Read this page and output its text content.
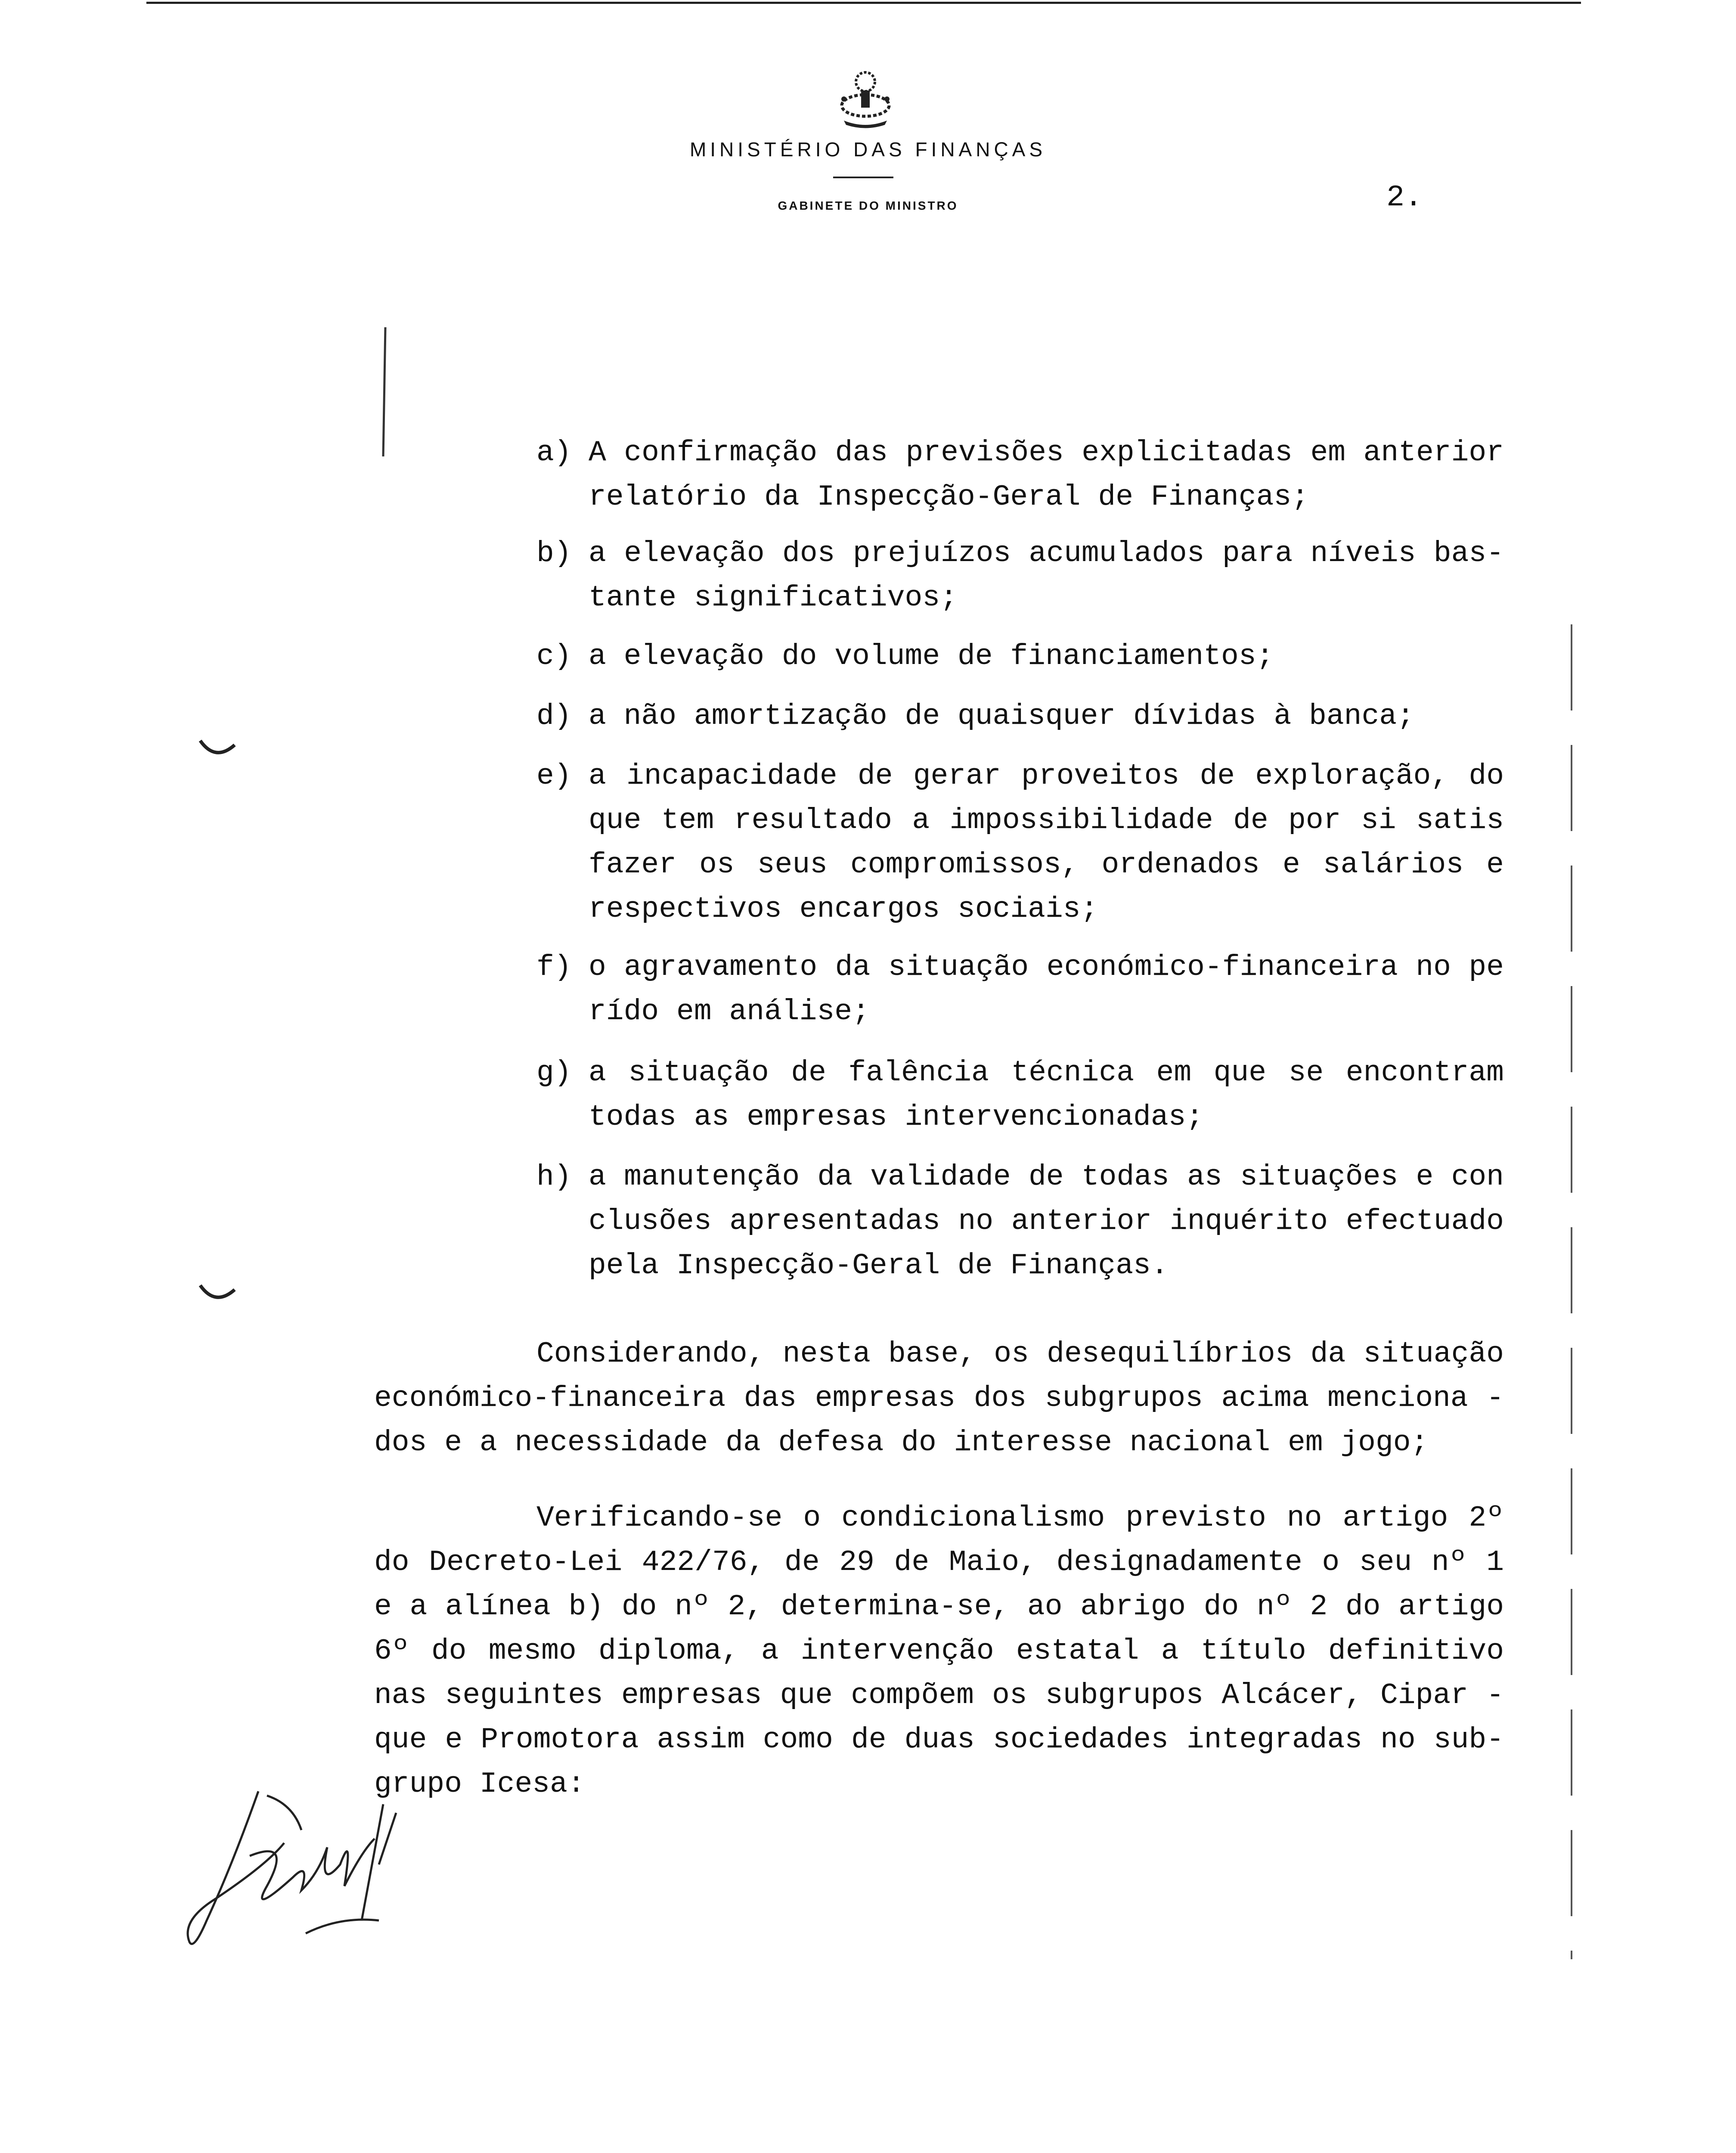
MINISTÉRIO DAS FINANÇAS
GABINETE DO MINISTRO	2.
a) A confirmação das previsões explicitadas em anterior
relatório da Inspecção-Geral de Finanças;
b) a elevação dos prejuízos acumulados para níveis bas-
tante significativos;
c) a elevação do volume de financiamentos;
d) a não amortização de quaisquer dívidas à banca;
e) a incapacidade de gerar proveitos de exploração, do
que tem resultado a impossibilidade de por si satis
fazer os seus compromissos, ordenados e salários e
respectivos encargos sociais;
f) o agravamento da situação económico-financeira no pe
rído em análise;
g) a situação de falência técnica em que se encontram
todas as empresas intervencionadas;
h) a manutenção da validade de todas as situações e con
clusões apresentadas no anterior inquérito efectuado
pela Inspecção-Geral de Finanças.
Considerando, nesta base, os desequilíbrios da situação
económico-financeira das empresas dos subgrupos acima menciona -
dos e a necessidade da defesa do interesse nacional em jogo;
Verificando-se o condicionalismo previsto no artigo 2º
do Decreto-Lei 422/76, de 29 de Maio, designadamente o seu nº 1
e a alínea b) do nº 2, determina-se, ao abrigo do nº 2 do artigo
6º do mesmo diploma, a intervenção estatal a título definitivo
nas seguintes empresas que compõem os subgrupos Alcácer, Cipar -
que e Promotora assim como de duas sociedades integradas no sub-
grupo Icesa:
